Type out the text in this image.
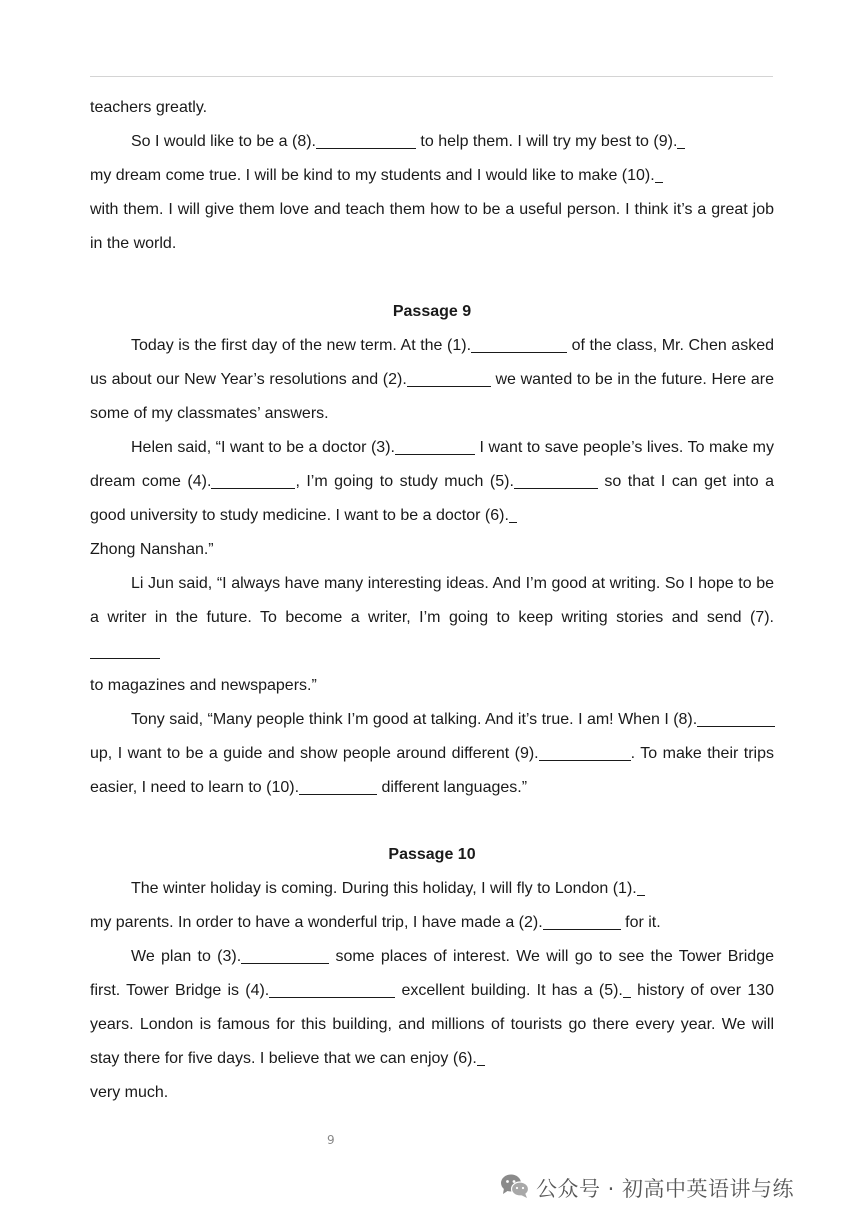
teachers greatly.
So I would like to be a (8).	to help them. I will try my best to (9).
my dream come true. I will be kind to my students and I would like to make (10).
with them. I will give them love and teach them how to be a useful person. I think it’s a great job in the world.
Passage 9
Today is the first day of the new term. At the (1).	of the class, Mr. Chen asked us about our New Year’s resolutions and (2).	we wanted to be in the future. Here are some of my classmates’ answers.
Helen said, “I want to be a doctor (3).	I want to save people’s lives. To make my dream come (4).	, I’m going to study much (5).	so that I can get into a good university to study medicine. I want to be a doctor (6).
Zhong Nanshan.”
Li Jun said, “I always have many interesting ideas. And I’m good at writing. So I hope to be a writer in the future. To become a writer, I’m going to keep writing stories and send (7).
to magazines and newspapers.”
Tony said, “Many people think I’m good at talking. And it’s true. I am! When I (8).
up, I want to be a guide and show people around different (9).	. To make their trips easier, I need to learn to (10).	different languages.”
Passage 10
The winter holiday is coming. During this holiday, I will fly to London (1).
my parents. In order to have a wonderful trip, I have made a (2).	for it.
We plan to (3).	some places of interest. We will go to see the Tower Bridge first. Tower Bridge is (4).	excellent building. It has a (5). history of over 130 years. London is famous for this building, and millions of tourists go there every year. We will stay there for five days. I believe that we can enjoy (6).
very much.
9
公众号 · 初高中英语讲与练
